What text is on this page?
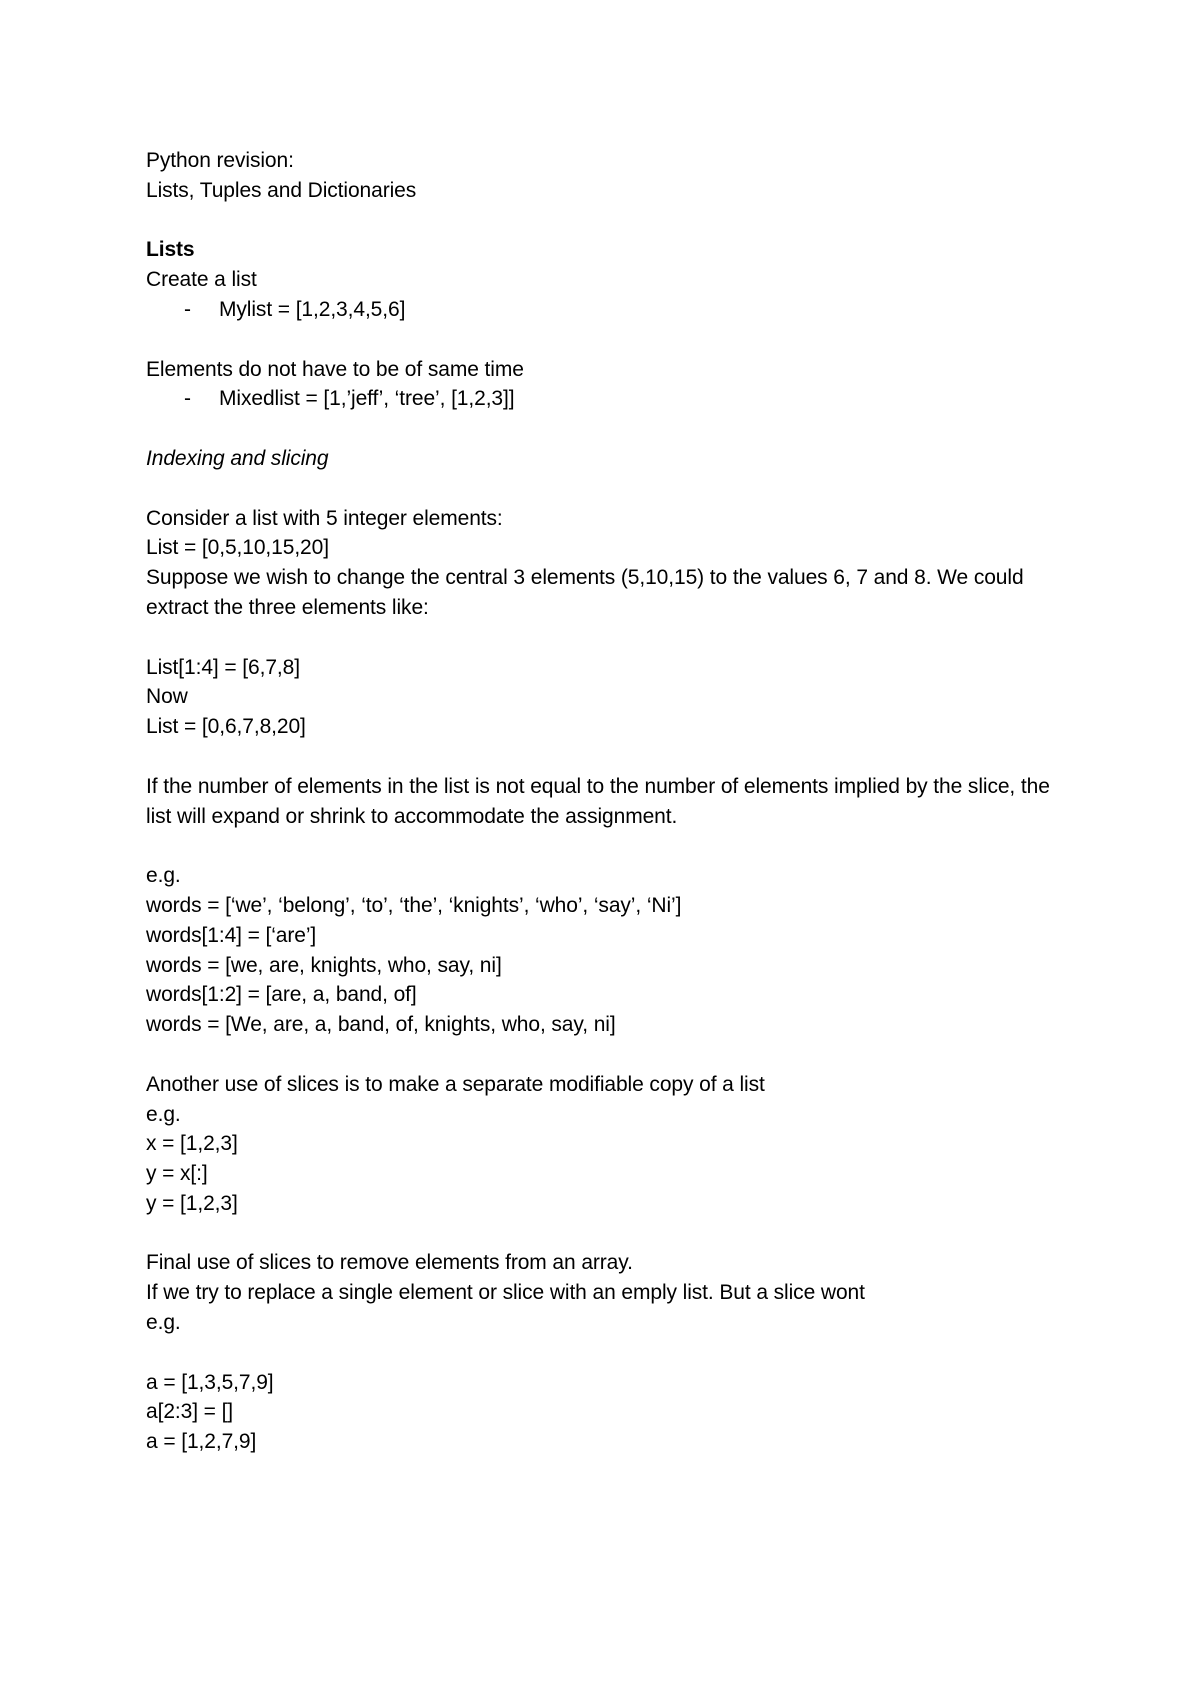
Python revision:
Lists, Tuples and Dictionaries
Lists
Create a list
- Mylist = [1,2,3,4,5,6]
Elements do not have to be of same time
- Mixedlist = [1,’jeff’, ‘tree’, [1,2,3]]
Indexing and slicing
Consider a list with 5 integer elements:
List = [0,5,10,15,20]
Suppose we wish to change the central 3 elements (5,10,15) to the values 6, 7 and 8. We could extract the three elements like:
List[1:4] = [6,7,8]
Now
List = [0,6,7,8,20]
If the number of elements in the list is not equal to the number of elements implied by the slice, the list will expand or shrink to accommodate the assignment.
e.g.
words = [‘we’, ‘belong’, ‘to’, ‘the’, ‘knights’, ‘who’, ‘say’, ‘Ni’]
words[1:4] = [‘are’]
words = [we, are, knights, who, say, ni]
words[1:2] = [are, a, band, of]
words = [We, are, a, band, of, knights, who, say, ni]
Another use of slices is to make a separate modifiable copy of a list
e.g.
x = [1,2,3]
y = x[:]
y = [1,2,3]
Final use of slices to remove elements from an array.
If we try to replace a single element or slice with an emply list. But a slice wont
e.g.
a = [1,3,5,7,9]
a[2:3] = []
a = [1,2,7,9]
